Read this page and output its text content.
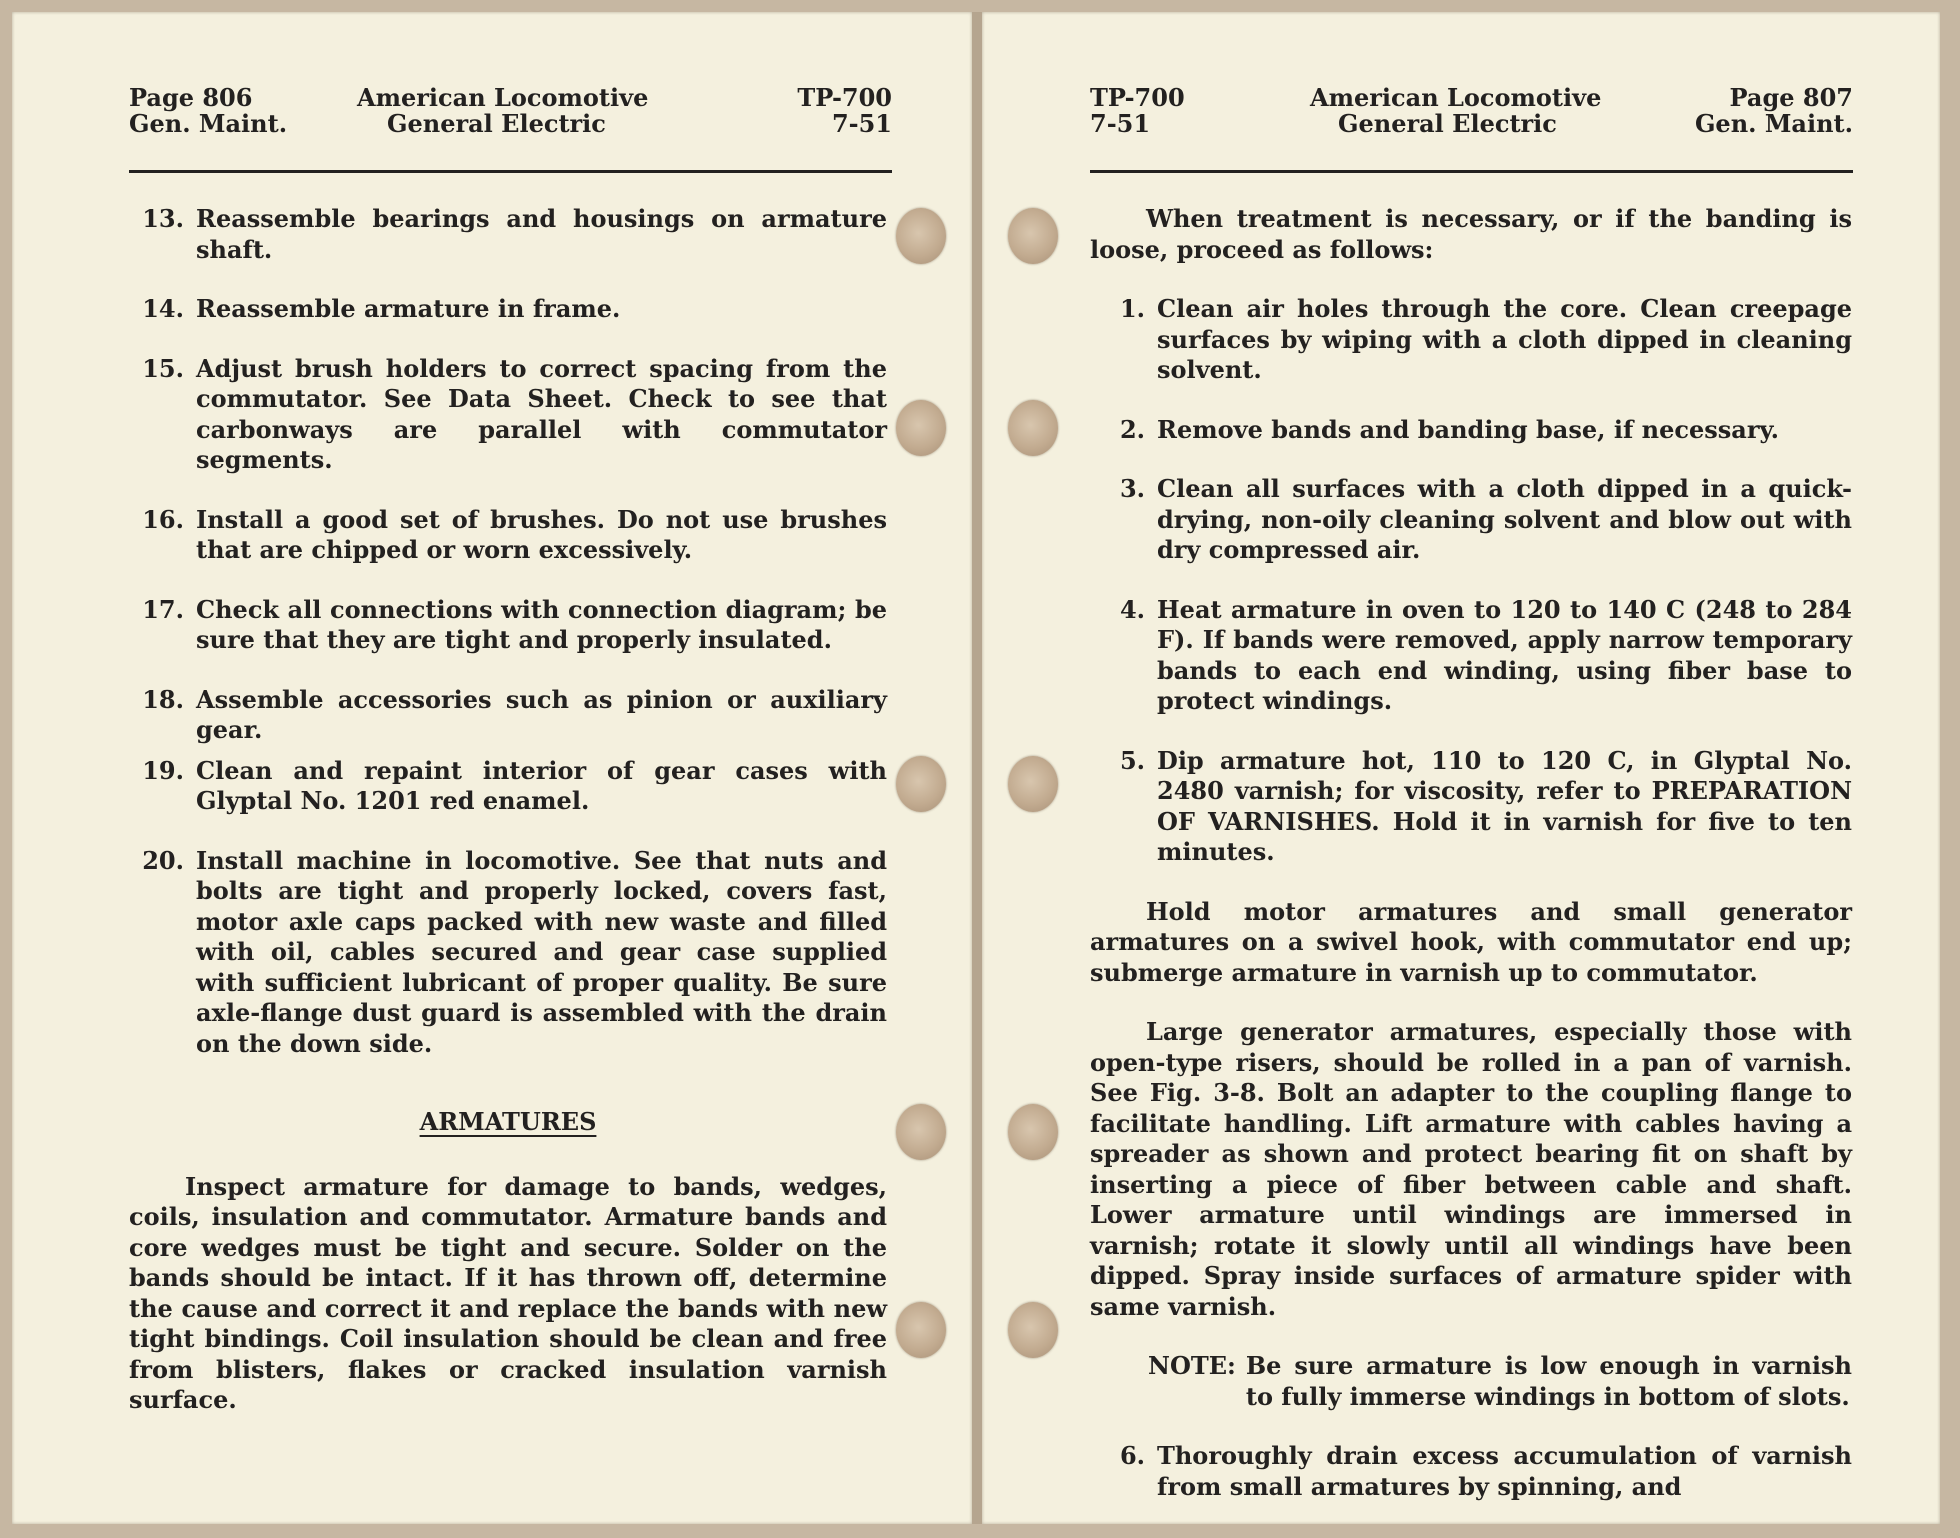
Page 806
Gen. Maint.
American Locomotive
General Electric
TP-700
7-51
13. Reassemble bearings and housings on armature shaft.
14. Reassemble armature in frame.
15. Adjust brush holders to correct spacing from the commutator. See Data Sheet. Check to see that carbonways are parallel with commutator segments.
16. Install a good set of brushes. Do not use brushes that are chipped or worn excessively.
17. Check all connections with connection diagram; be sure that they are tight and properly insulated.
18. Assemble accessories such as pinion or auxiliary gear.
19. Clean and repaint interior of gear cases with Glyptal No. 1201 red enamel.
20. Install machine in locomotive. See that nuts and bolts are tight and properly locked, covers fast, motor axle caps packed with new waste and filled with oil, cables secured and gear case supplied with sufficient lubricant of proper quality. Be sure axle-flange dust guard is assembled with the drain on the down side.
ARMATURES
Inspect armature for damage to bands, wedges, coils, insulation and commutator. Armature bands and core wedges must be tight and secure. Solder on the bands should be intact. If it has thrown off, determine the cause and correct it and replace the bands with new tight bindings. Coil insulation should be clean and free from blisters, flakes or cracked insulation varnish surface.
TP-700
7-51
American Locomotive
General Electric
Page 807
Gen. Maint.
When treatment is necessary, or if the banding is loose, proceed as follows:
1. Clean air holes through the core. Clean creepage surfaces by wiping with a cloth dipped in cleaning solvent.
2. Remove bands and banding base, if necessary.
3. Clean all surfaces with a cloth dipped in a quick-drying, non-oily cleaning solvent and blow out with dry compressed air.
4. Heat armature in oven to 120 to 140 C (248 to 284 F). If bands were removed, apply narrow temporary bands to each end winding, using fiber base to protect windings.
5. Dip armature hot, 110 to 120 C, in Glyptal No. 2480 varnish; for viscosity, refer to PREPARATION OF VARNISHES. Hold it in varnish for five to ten minutes.
Hold motor armatures and small generator armatures on a swivel hook, with commutator end up; submerge armature in varnish up to commutator.
Large generator armatures, especially those with open-type risers, should be rolled in a pan of varnish. See Fig. 3-8. Bolt an adapter to the coupling flange to facilitate handling. Lift armature with cables having a spreader as shown and protect bearing fit on shaft by inserting a piece of fiber between cable and shaft. Lower armature until windings are immersed in varnish; rotate it slowly until all windings have been dipped. Spray inside surfaces of armature spider with same varnish.
NOTE: Be sure armature is low enough in varnish to fully immerse windings in bottom of slots.
6. Thoroughly drain excess accumulation of varnish from small armatures by spinning, and
